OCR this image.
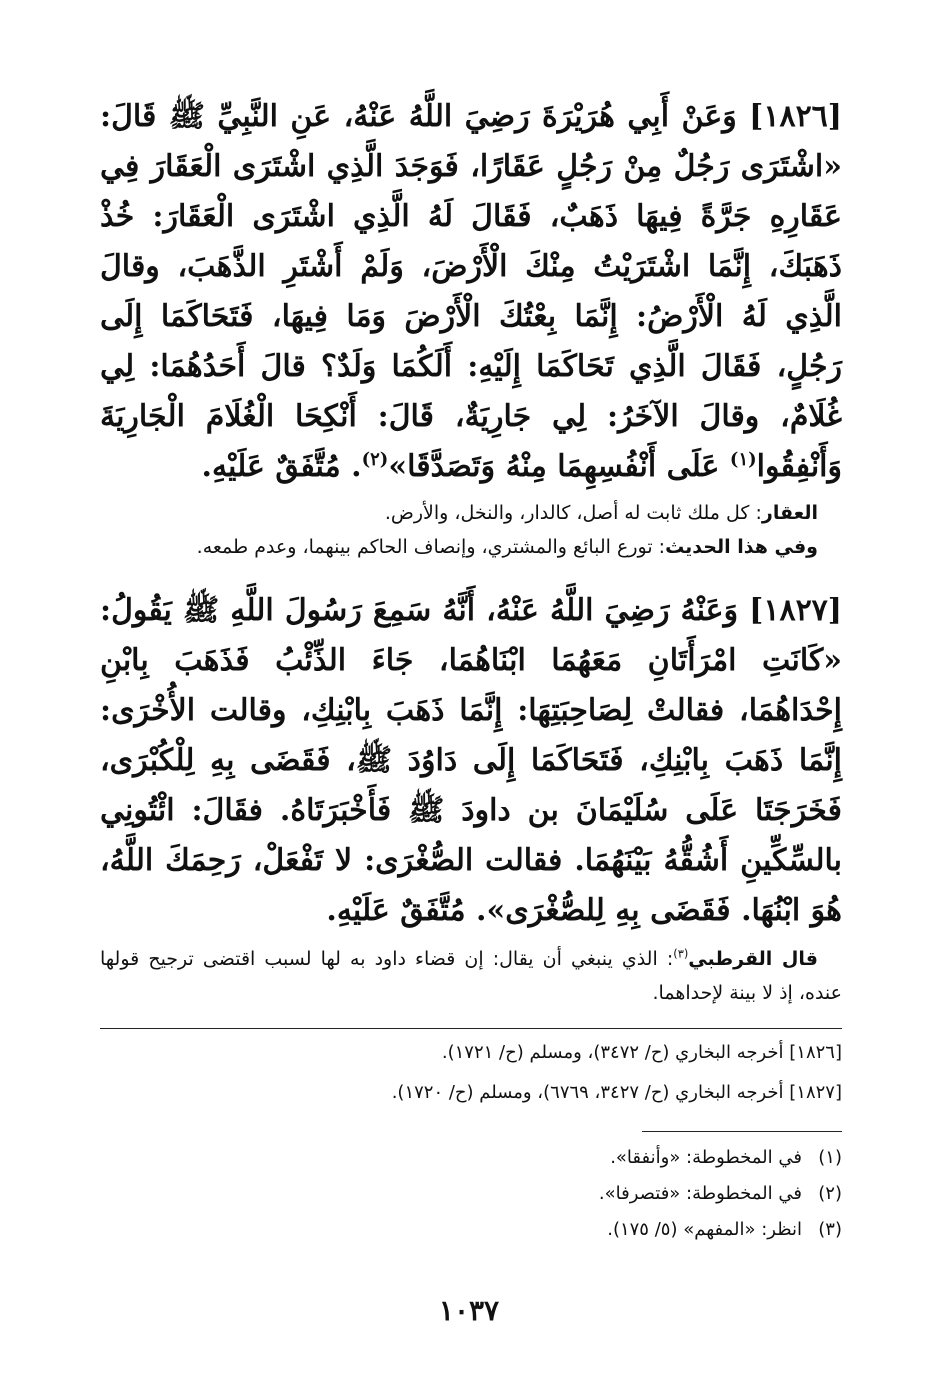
[١٨٢٦] وَعَنْ أَبِي هُرَيْرَةَ رَضِيَ اللَّهُ عَنْهُ، عَنِ النَّبِيِّ ﷺ قَالَ: «اشْتَرَى رَجُلٌ مِنْ رَجُلٍ عَقَارًا، فَوَجَدَ الَّذِي اشْتَرَى الْعَقَارَ فِي عَقَارِهِ جَرَّةً فِيهَا ذَهَبٌ، فَقَالَ لَهُ الَّذِي اشْتَرَى الْعَقَارَ: خُذْ ذَهَبَكَ، إِنَّمَا اشْتَرَيْتُ مِنْكَ الْأَرْضَ، وَلَمْ أَشْتَرِ الذَّهَبَ، وقالَ الَّذِي لَهُ الْأَرْضُ: إِنَّمَا بِعْتُكَ الْأَرْضَ وَمَا فِيهَا، فَتَحَاكَمَا إِلَى رَجُلٍ، فَقَالَ الَّذِي تَحَاكَمَا إِلَيْهِ: أَلَكُمَا وَلَدٌ؟ قالَ أَحَدُهُمَا: لِي غُلَامٌ، وقالَ الآخَرُ: لِي جَارِيَةٌ، قَالَ: أَنْكِحَا الْغُلَامَ الْجَارِيَةَ وَأَنْفِقُوا$^{(١)}$ عَلَى أَنْفُسِهِمَا مِنْهُ وَتَصَدَّقَا»$^{(٢)}$. مُتَّفَقٌ عَلَيْهِ.

العقار: كل ملك ثابت له أصل، كالدار، والنخل، والأرض.

وفي هذا الحديث: تورع البائع والمشتري، وإنصاف الحاكم بينهما، وعدم طمعه.

[١٨٢٧] وَعَنْهُ رَضِيَ اللَّهُ عَنْهُ، أَنَّهُ سَمِعَ رَسُولَ اللَّهِ ﷺ يَقُولُ: «كَانَتِ امْرَأَتَانِ مَعَهُمَا ابْنَاهُمَا، جَاءَ الذِّئْبُ فَذَهَبَ بِابْنِ إِحْدَاهُمَا، فقالتْ لِصَاحِبَتِهَا: إِنَّمَا ذَهَبَ بِابْنِكِ، وقالت الأُخْرَى: إِنَّمَا ذَهَبَ بِابْنِكِ، فَتَحَاكَمَا إِلَى دَاوُدَ ﷺ، فَقَضَى بِهِ لِلْكُبْرَى، فَخَرَجَتَا عَلَى سُلَيْمَانَ بن داودَ ﷺ فَأَخْبَرَتَاهُ. فقَالَ: ائْتُونِي بالسِّكِّينِ أَشُقُّهُ بَيْنَهُمَا. فقالت الصُّغْرَى: لا تَفْعَلْ، رَحِمَكَ اللَّهُ، هُوَ ابْنُهَا. فَقَضَى بِهِ لِلصُّغْرَى». مُتَّفَقٌ عَلَيْهِ.

قال القرطبي$^{(٣)}$: الذي ينبغي أن يقال: إن قضاء داود به لها لسبب اقتضى ترجيح قولها عنده، إذ لا بينة لإحداهما.

[١٨٢٦] أخرجه البخاري (ح/ ٣٤٧٢)، ومسلم (ح/ ١٧٢١).

[١٨٢٧] أخرجه البخاري (ح/ ٣٤٢٧، ٦٧٦٩)، ومسلم (ح/ ١٧٢٠).

(١)في المخطوطة: «وأنفقا».

(٢)في المخطوطة: «فتصرفا».

(٣)انظر: «المفهم» (٥/ ١٧٥).

١٠٣٧
